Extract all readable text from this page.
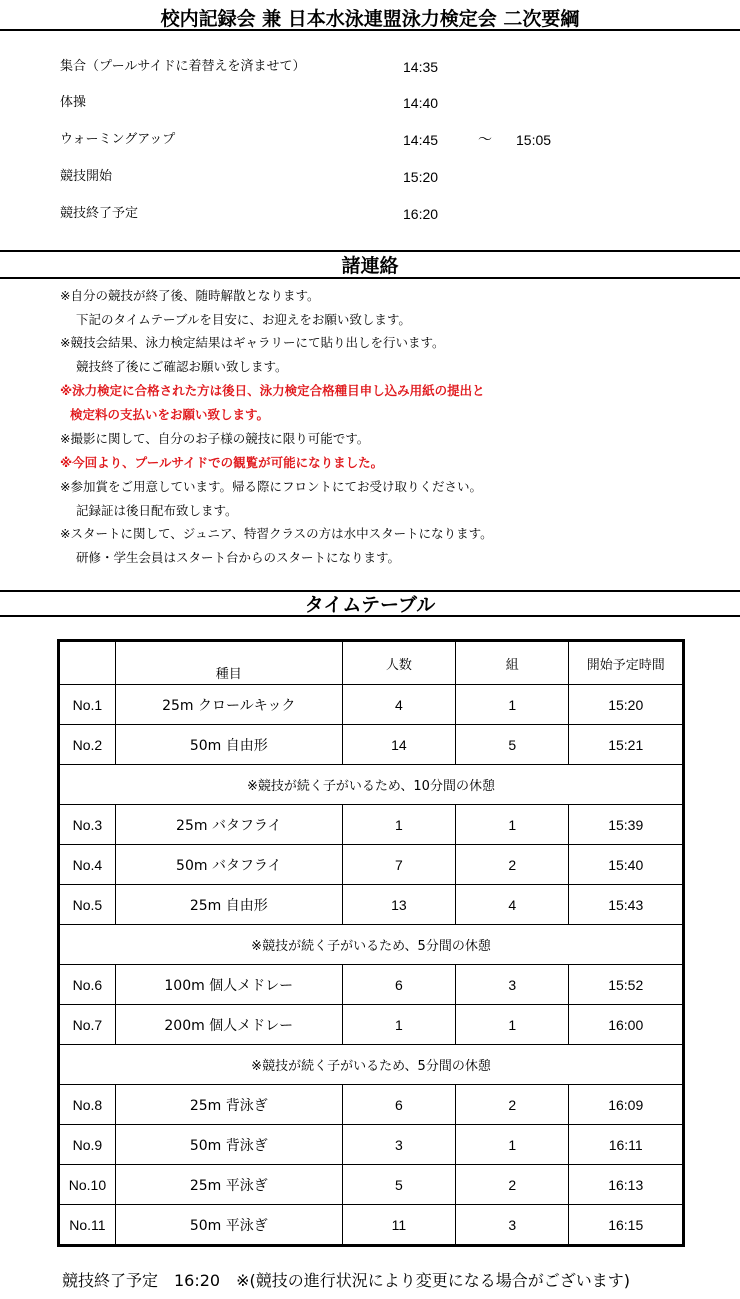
校内記録会 兼 日本水泳連盟泳力検定会 二次要綱
集合（プールサイドに着替えを済ませて）	14:35
体操	14:40
ウォーミングアップ	14:45	～ 15:05
競技開始	15:20
競技終了予定	16:20
諸連絡
※自分の競技が終了後、随時解散となります。
下記のタイムテーブルを目安に、お迎えをお願い致します。
※競技会結果、泳力検定結果はギャラリーにて貼り出しを行います。
競技終了後にご確認お願い致します。
※泳力検定に合格された方は後日、泳力検定合格種目申し込み用紙の提出と
検定料の支払いをお願い致します。
※撮影に関して、自分のお子様の競技に限り可能です。
※今回より、プールサイドでの観覧が可能になりました。
※参加賞をご用意しています。帰る際にフロントにてお受け取りください。
記録証は後日配布致します。
※スタートに関して、ジュニア、特習クラスの方は水中スタートになります。
研修・学生会員はスタート台からのスタートになります。
タイムテーブル
	種目	人数	組	開始予定時間
No.1	25m クロールキック	4	1	15:20
No.2	50m 自由形	14	5	15:21
※競技が続く子がいるため、10分間の休憩				
No.3	25m バタフライ	1	1	15:39
No.4	50m バタフライ	7	2	15:40
No.5	25m 自由形	13	4	15:43
※競技が続く子がいるため、5分間の休憩				
No.6	100m 個人メドレー	6	3	15:52
No.7	200m 個人メドレー	1	1	16:00
※競技が続く子がいるため、5分間の休憩				
No.8	25m 背泳ぎ	6	2	16:09
No.9	50m 背泳ぎ	3	1	16:11
No.10	25m 平泳ぎ	5	2	16:13
No.11	50m 平泳ぎ	11	3	16:15
競技終了予定　16:20　※(競技の進行状況により変更になる場合がございます)
